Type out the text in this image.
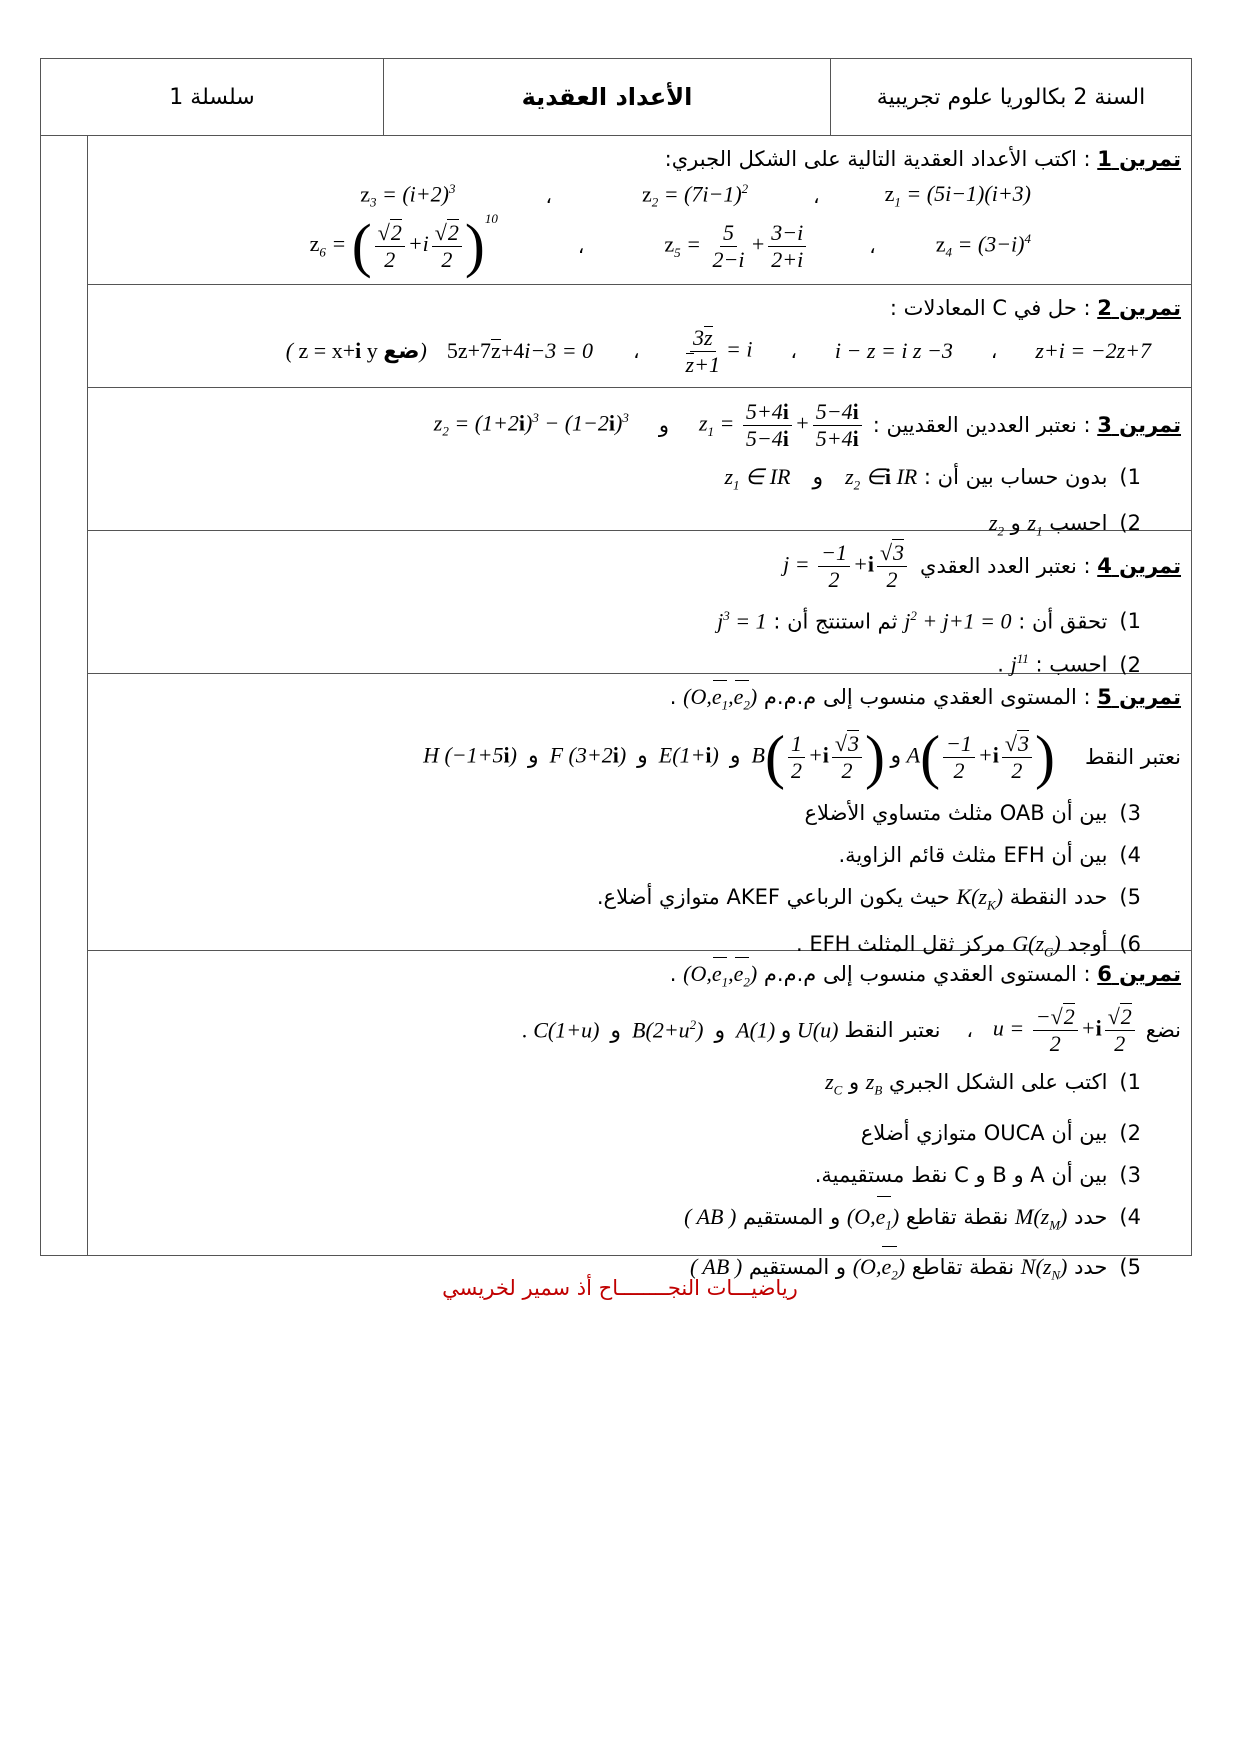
سلسلة 1	الأعداد العقدية	السنة 2 بكالوريا علوم تجريبية
تمرين 1 : اكتب الأعداد العقدية التالية على الشكل الجبري:
$z_3 = (i+2)^3$	،	$z_2 = (7i-1)^2$	،	$z_1 = (5i-1)(i+3)$
$z_6$ = ( $\frac{√2}{2} +i \frac{√2}{2} )^{10}$
،	$z_5 = \frac{5}{2-i} + \frac{3-i}{2+i}$	،	$z_4 = (3-i)^4$
تمرين 2 : حل في C المعادلات :
( z = x+i y ضع) 5z+7z+4i−3 = 0 ، $\frac{3z}{z+1} = i$ ، i − z = i z −3 ، z+i = −2z+7
$z_2 = (1+2i)^3 - (1-2i)^3$ و $z_1 = \frac{5+4i}{5-4i} + \frac{5-4i}{5+4i}$	تمرين 3 : نعتبر العددين العقديين :
1)بدون حساب بين أن : $z_1$ ∈ IR و $z_2$ ∈i IR
2)احسب $z_1$ و $z_2$
$j = \frac{-1}{2} +i \frac{√3}{2}$	تمرين 4 : نعتبر العدد العقدي
1)تحقق أن : $j^2 + j+1 = 0$ ثم استنتج أن : $j^3 = 1$
2)احسب : $j^{11}$ .
تمرين 5 : المستوى العقدي منسوب إلى م.م.م $(O,e_1,e_2)$ .
H (−1+5i)  و F (3+2i)  و E(1+i)  و $B( \frac{1}{2} +i \frac{√3}{2}$ ) و $A( \frac{-1}{2} +i \frac{√3}{2}$ ) نعتبر النقط
3)بين أن OAB مثلث متساوي الأضلاع
4)بين أن EFH مثلث قائم الزاوية.
5)حدد النقطة $K(z_K)$ حيث يكون الرباعي AKEF متوازي أضلاع.
6)أوجد $G(z_G)$ مركز ثقل المثلث EFH .
تمرين 6 : المستوى العقدي منسوب إلى م.م.م $(O,e_1,e_2)$ .
. C(1+u)  و $B(2+u^2)$  و A(1) و U(u) نعتبر النقط ، $u = \frac{-√2}{2} +i \frac{√2}{2}$ نضع
1)اكتب على الشكل الجبري $z_B$ و $z_C$
2)بين أن OUCA متوازي أضلاع
3)بين أن A و B و C نقط مستقيمية.
4)حدد $M(z_M)$ نقطة تقاطع $(O,e_1)$ و المستقيم ( AB )
5)حدد $N(z_N)$ نقطة تقاطع $(O,e_2)$ و المستقيم ( AB )
رياضيـــات النجــــــــاح أذ سمير لخريسي
